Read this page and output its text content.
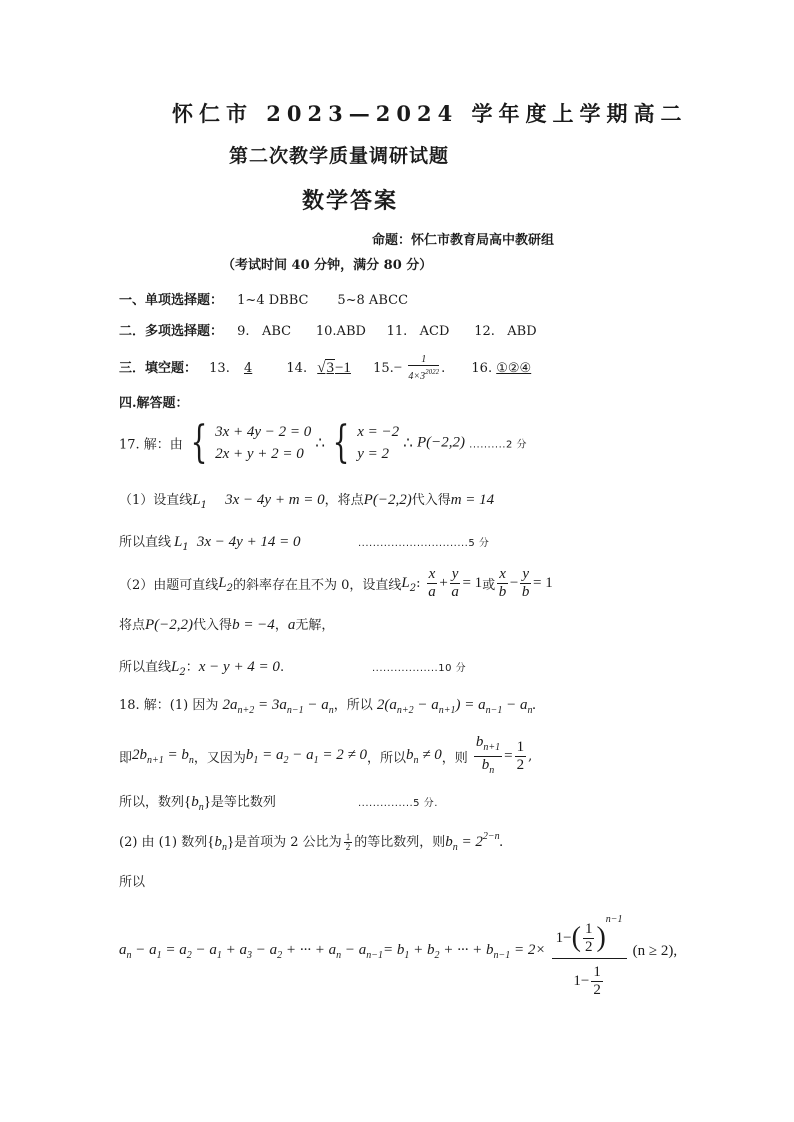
怀仁市 2023—2024 学年度上学期高二
第二次教学质量调研试题
数学答案
命题：怀仁市教育局高中教研组
（考试时间 40 分钟，满分 80 分）
一、单项选择题： 1~4 DBBC       5~8 ABCC
二．多项选择题： 9.   ABC      10.ABD     11.   ACD      12.   ABD
三．填空题： 13. 4	14. √3−1 $15.- \frac{1}{4\times 3^{2022}}$ . 16. ①②④
四.解答题：
17. 解：由 { 3x + 4y − 2 = 0
2x + y + 2 = 0
∴ { x = −2
y = 2
∴ P(−2,2) ..........2 分
（1）设直线$L_1$ 3x − 4y + m = 0，将点P(−2,2)代入得m = 14
所以直线 $L_1$ 3x − 4y + 14 = 0	..............................5 分
（2）由题可直线$L_2$的斜率存在且不为 0，设直线$L_2$: $\frac{x}{a} + \frac{y}{a} = 1$或 $\frac{x}{b} - \frac{y}{b} = 1$
将点P(−2,2)代入得b = −4，a无解，
所以直线$L_2$：x − y + 4 = 0.	..................10 分
18. 解：(1) 因为 $2a_{n+2} = 3a_{n-1} - a_n$，所以 $2(a_{n+2} - a_{n+1}) = a_{n-1} - a_n$.
即$2b_{n+1} = b_n$，又因为$b_1 = a_2 - a_1 = 2 \ne 0$，所以$b_n \ne 0$，则 $\frac{b_{n+1}}{b_n} = \frac{1}{2}$ ,
所以，数列$\{b_n\}$是等比数列	...............5 分.
(2) 由 (1) 数列$\{b_n\}$是首项为 2 公比为 $\frac{1}{2}$ 的等比数列，则$b_n = 2^{2-n}$.
所以
$a_n - a_1 = a_2 - a_1 + a_3 - a_2$ + ··· + $a_n - a_{n-1}= b_1 + b_2$ + ··· + $b_{n-1} = 2\times \frac{1-( \frac{1}{2} )^{n-1}}{1- \frac{1}{2}} (n \ge 2)$,
